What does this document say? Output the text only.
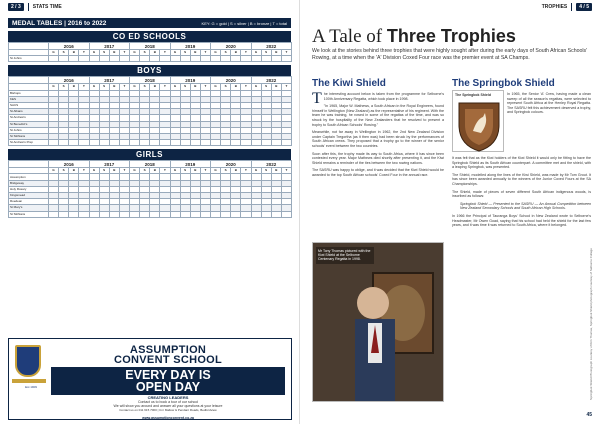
2 / 3	STATS TIME
MEDAL TABLES | 2016 to 2022	KEY: G = gold | S = silver | B = bronze | T = total
CO ED SCHOOLS
	2016				2017				2018				2019				2020				2022			
	G	S	B	T	G	S	B	T	G	S	B	T	G	S	B	T	G	S	B	T	G	S	B	T
St Johns																								
BOYS
	2016				2017				2018				2019				2020				2022			
	G	S	B	T	G	S	B	T	G	S	B	T	G	S	B	T	G	S	B	T	G	S	B	T
Bishops																								
KES																								
SACS																								
St Albans																								
St Andrew's																								
St Benedict's																								
St Johns																								
St Stithians																								
St Andrew's Prep																								
GIRLS
	2016				2017				2018				2019				2020				2022			
	G	S	B	T	G	S	B	T	G	S	B	T	G	S	B	T	G	S	B	T	G	S	B	T
Assumption																								
Bridgeway																								
Holy Rosary																								
Kingsmead																								
Roedean																								
St Mary's																								
St Stithians																								
Est 1909
ASSUMPTION
CONVENT SCHOOL
EVERY DAY IS
OPEN DAY
CREATING LEADERS
Contact us to book a tour of our school
We will show you around and answer all your questions at your leisure
Contact us on 011 615 7000 | Cnr Mallow & Pendant Roads, Bedfordview
www.assumptionconvent.co.za
TROPHIES	4 / 5
A Tale of Three Trophies
We look at the stories behind three trophies that were highly sought after during the early days of South African Schools' Rowing, at a time when the 'A' Division Coxed Four race was the premier event at SA Champs.
The Kiwi Shield	The Springbok Shield

The interesting account below is taken from the programme for Selborne's 100th Anniversary Regatta, which took place in 1998.

"In 1965, Major W. Mathews, a South African in the Royal Engineers, found himself in Wellington (New Zealand) as the representative of his regiment. With the team he was training, he rowed in some of the regattas of the time, and was so struck by the hospitality of the New Zealanders that he resolved to present a trophy to South African Schools' Rowing."

Meanwhile, not far away in Wellington in 1962, the 2nd New Zealand Division under Captain Tregortha (as it then was) had been struck by the performances of South African crews. They proposed that a trophy go to the winner of the senior schools' event between the two countries.

Soon after this, the trophy made its way to South Africa, where it has since been contested every year. Major Mathews died shortly after presenting it, and the Kiwi Shield remains a reminder of the ties between the two rowing nations.

The SASRU was happy to oblige, and it was decided that the Kiwi Shield would be awarded to the top South African schools' Coxed Four in the annual race.

Mr Tony Thomas pictured with the Kiwi Shield at the Selborne Centenary Regatta in 1998.
The Springbok Shield	In 1965, the Senior 'A' Crew, having made a clean sweep of all the season's regattas, were selected to represent South Africa at the Henley Royal Regatta. The SASRU felt this achievement deserved a trophy, and Springbok colours.

It was felt that as the Kiwi holders of the Kiwi Shield it would only be fitting to have the Springbok Shield as its South African counterpart. A committee met and the shield, with a leaping Springbok, was presented.

The Shield, modelled along the lines of the Kiwi Shield, was made by Mr Tom Grout. It has since been awarded annually to the winners of the Junior Coxed Fours at the SA Championships.

The Shield, made of pieces of seven different South African indigenous woods, is inscribed as follows:

Springbok Shield — Presented to the SASRU — An Annual Competition between New Zealand Secondary Schools and South African High Schools.

In 1966 the Principal of Tauranga Boys' School in New Zealand wrote to Selborne's Headmaster, Mr Owen Goad, saying that his school had held the shield for the last few years, and it was time it was returned to South Africa, where it belonged.

Springbok Shield Photograph courtesy of Kim Thomas, Springbok Shield photograph courtesy of Selborne College
45
